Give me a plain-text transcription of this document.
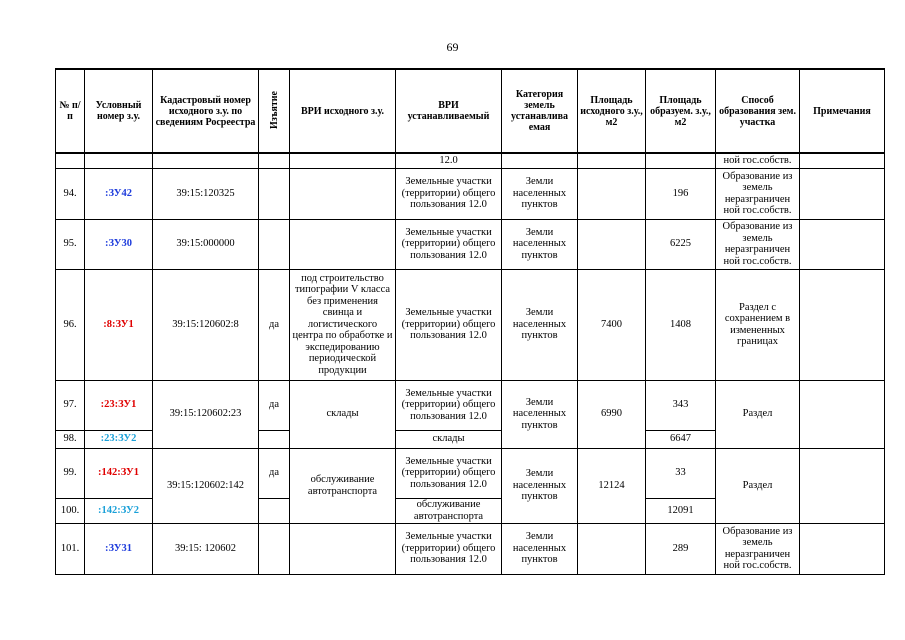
69
№ п/п	Условный номер з.у.	Кадастровый номер исходного з.у. по сведениям Росреестра	Изъятие	ВРИ исходного з.у.	ВРИ устанавливаемый	Категория земель устанавлива емая	Площадь исходного з.у., м2	Площадь образуем. з.у., м2	Способ образования зем. участка	Примечания
					12.0				ной гос.собств.	
94.	:ЗУ42	39:15:120325			Земельные участки (территории) общего пользования 12.0	Земли населенных пунктов		196	Образование из земель неразграничен ной гос.собств.	
95.	:ЗУ30	39:15:000000			Земельные участки (территории) общего пользования 12.0	Земли населенных пунктов		6225	Образование из земель неразграничен ной гос.собств.	
96.	:8:ЗУ1	39:15:120602:8	да	под строительство типографии V класса без применения свинца и логистического центра по обработке и экспедированию периодической продукции	Земельные участки (территории) общего пользования 12.0	Земли населенных пунктов	7400	1408	Раздел с сохранением в измененных границах	
97.	:23:ЗУ1	39:15:120602:23	да	склады	Земельные участки (территории) общего пользования 12.0	Земли населенных пунктов	6990	343	Раздел	
98.	:23:ЗУ2				склады			6647		
99.	:142:ЗУ1	39:15:120602:142	да	обслуживание автотранспорта	Земельные участки (территории) общего пользования 12.0	Земли населенных пунктов	12124	33	Раздел	
100.	:142:ЗУ2				обслуживание автотранспорта			12091		
101.	:ЗУ31	39:15: 120602			Земельные участки (территории) общего пользования 12.0	Земли населенных пунктов		289	Образование из земель неразграничен ной гос.собств.	
